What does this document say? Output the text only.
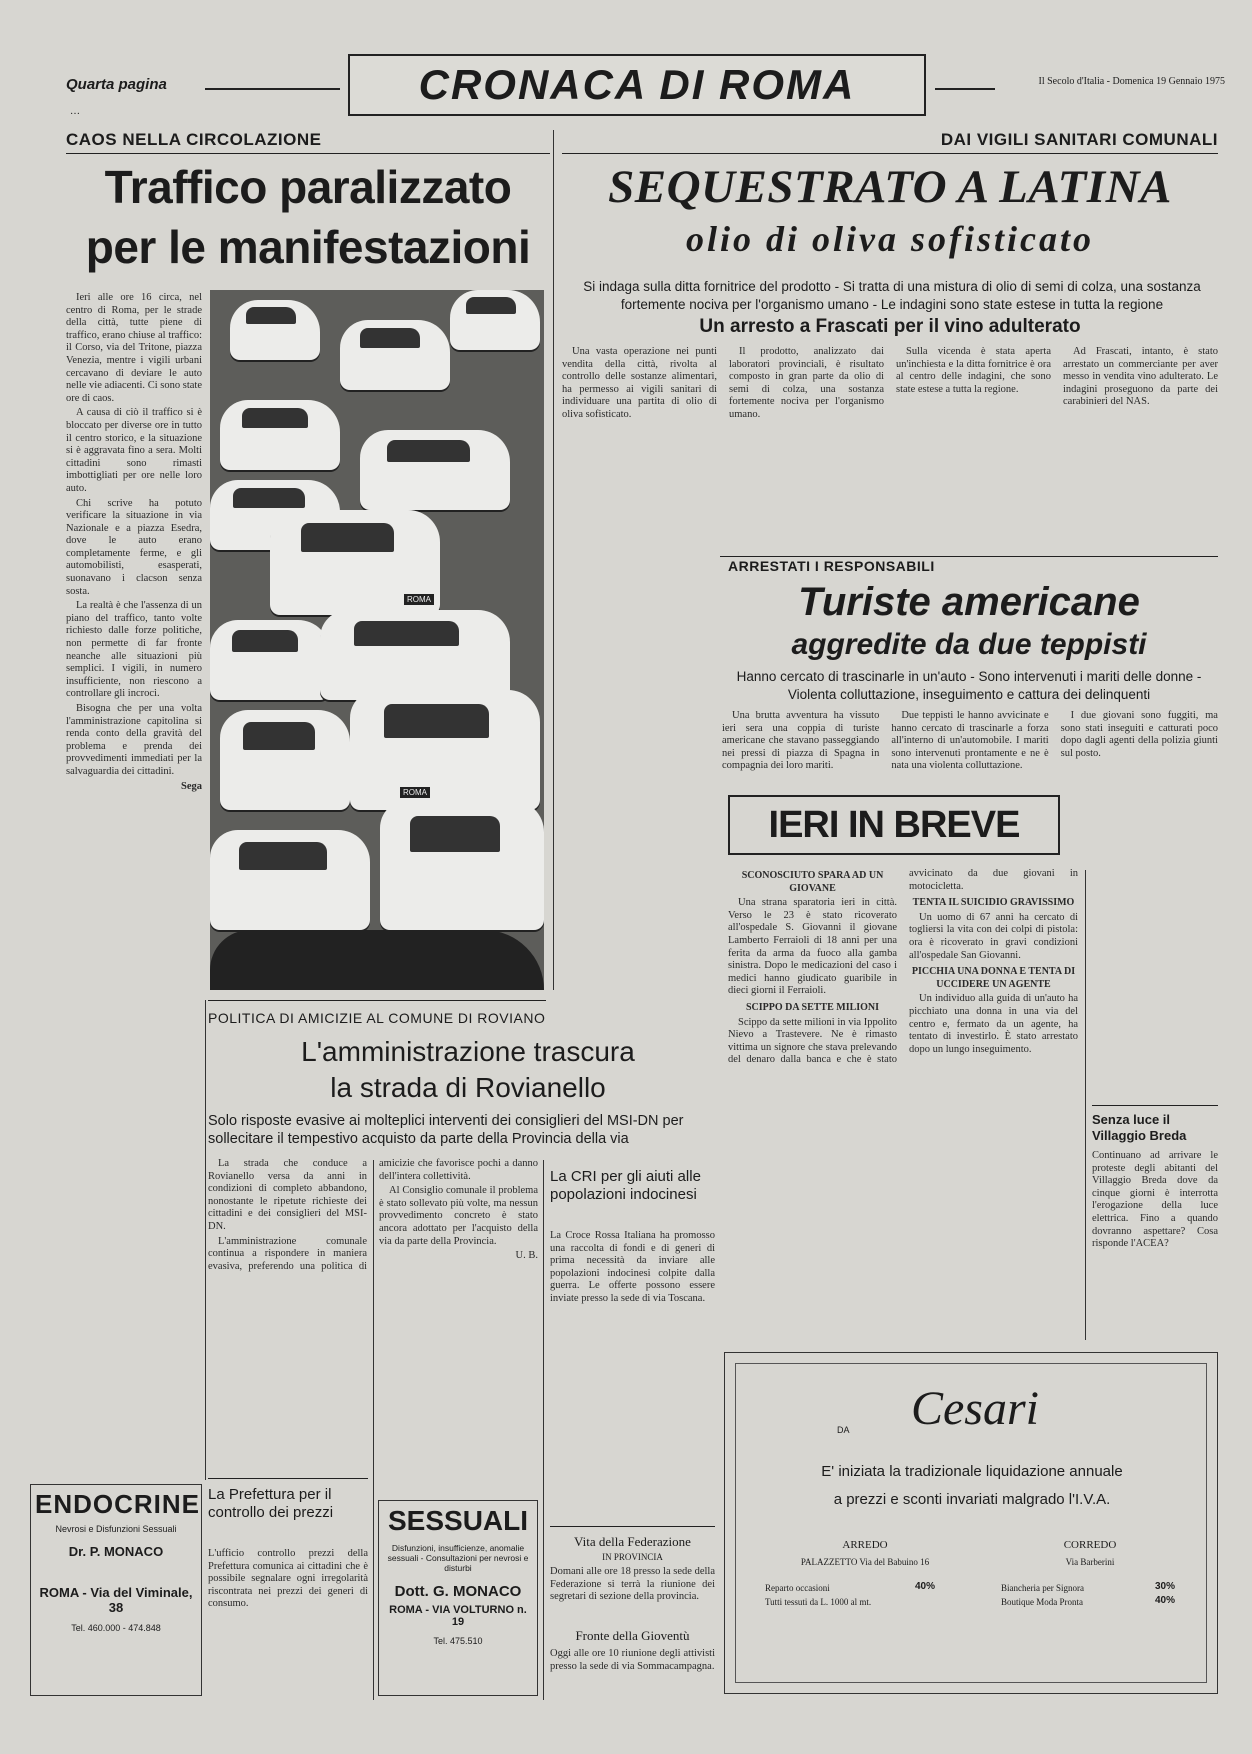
Quarta pagina	CRONACA DI ROMA	Il Secolo d'Italia - Domenica 19 Gennaio 1975
…
CAOS NELLA CIRCOLAZIONE
Traffico paralizzato
per le manifestazioni
ROMA
ROMA

Ieri alle ore 16 circa, nel centro di Roma, per le strade della città, tutte piene di traffico, erano chiuse al traffico: il Corso, via del Tritone, piazza Venezia, mentre i vigili urbani cercavano di deviare le auto nelle vie adiacenti. Ci sono state ore di caos.

A causa di ciò il traffico si è bloccato per diverse ore in tutto il centro storico, e la situazione si è aggravata fino a sera. Molti cittadini sono rimasti imbottigliati per ore nelle loro auto.

Chi scrive ha potuto verificare la situazione in via Nazionale e a piazza Esedra, dove le auto erano completamente ferme, e gli automobilisti, esasperati, suonavano i clacson senza sosta.

La realtà è che l'assenza di un piano del traffico, tanto volte richiesto dalle forze politiche, non permette di far fronte neanche alle situazioni più semplici. I vigili, in numero insufficiente, non riescono a controllare gli incroci.

Bisogna che per una volta l'amministrazione capitolina si renda conto della gravità del problema e prenda dei provvedimenti immediati per la salvaguardia dei cittadini.

Sega

ENDOCRINE
Nevrosi e Disfunzioni Sessuali
Dr. P. MONACO
ROMA - Via del Viminale, 38
Tel. 460.000 - 474.848
POLITICA DI AMICIZIE AL COMUNE DI ROVIANO
L'amministrazione trascura
la strada di Rovianello
Solo risposte evasive ai molteplici interventi dei consiglieri del MSI-DN per sollecitare il tempestivo acquisto da parte della Provincia della via

La strada che conduce a Rovianello versa da anni in condizioni di completo abbandono, nonostante le ripetute richieste dei cittadini e dei consiglieri del MSI-DN.

L'amministrazione comunale continua a rispondere in maniera evasiva, preferendo una politica di amicizie che favorisce pochi a danno dell'intera collettività.

Al Consiglio comunale il problema è stato sollevato più volte, ma nessun provvedimento concreto è stato ancora adottato per l'acquisto della via da parte della Provincia.

U. B.

La Prefettura per il controllo dei prezzi
L'ufficio controllo prezzi della Prefettura comunica ai cittadini che è possibile segnalare ogni irregolarità riscontrata nei prezzi dei generi di consumo.
SESSUALI
Disfunzioni, insufficienze, anomalie sessuali - Consultazioni per nevrosi e disturbi
Dott. G. MONACO
ROMA - VIA VOLTURNO n. 19
Tel. 475.510
La CRI per gli aiuti alle popolazioni indocinesi
La Croce Rossa Italiana ha promosso una raccolta di fondi e di generi di prima necessità da inviare alle popolazioni indocinesi colpite dalla guerra. Le offerte possono essere inviate presso la sede di via Toscana.
Vita della Federazione
IN PROVINCIA
Domani alle ore 18 presso la sede della Federazione si terrà la riunione dei segretari di sezione della provincia.
Fronte della Gioventù
Oggi alle ore 10 riunione degli attivisti presso la sede di via Sommacampagna.
DAI VIGILI SANITARI COMUNALI
SEQUESTRATO A LATINA
olio di oliva sofisticato
Si indaga sulla ditta fornitrice del prodotto - Si tratta di una mistura di olio di semi di colza, una sostanza fortemente nociva per l'organismo umano - Le indagini sono state estese in tutta la regione
Un arresto a Frascati per il vino adulterato

Una vasta operazione nei punti vendita della città, rivolta al controllo delle sostanze alimentari, ha permesso ai vigili sanitari di individuare una partita di olio di oliva sofisticato.

Il prodotto, analizzato dai laboratori provinciali, è risultato composto in gran parte da olio di semi di colza, una sostanza fortemente nociva per l'organismo umano.

Sulla vicenda è stata aperta un'inchiesta e la ditta fornitrice è ora al centro delle indagini, che sono state estese a tutta la regione.

Ad Frascati, intanto, è stato arrestato un commerciante per aver messo in vendita vino adulterato. Le indagini proseguono da parte dei carabinieri del NAS.

ARRESTATI I RESPONSABILI
Turiste americane
aggredite da due teppisti
Hanno cercato di trascinarle in un'auto - Sono intervenuti i mariti delle donne - Violenta colluttazione, inseguimento e cattura dei delinquenti

Una brutta avventura ha vissuto ieri sera una coppia di turiste americane che stavano passeggiando nei pressi di piazza di Spagna in compagnia dei loro mariti.

Due teppisti le hanno avvicinate e hanno cercato di trascinarle a forza all'interno di un'automobile. I mariti sono intervenuti prontamente e ne è nata una violenta colluttazione.

I due giovani sono fuggiti, ma sono stati inseguiti e catturati poco dopo dagli agenti della polizia giunti sul posto.

IERI IN BREVE
SCONOSCIUTO SPARA AD UN GIOVANE

Una strana sparatoria ieri in città. Verso le 23 è stato ricoverato all'ospedale S. Giovanni il giovane Lamberto Ferraioli di 18 anni per una ferita da arma da fuoco alla gamba sinistra. Dopo le medicazioni del caso i medici hanno giudicato guaribile in dieci giorni il Ferraioli.

SCIPPO DA SETTE MILIONI

Scippo da sette milioni in via Ippolito Nievo a Trastevere. Ne è rimasto vittima un signore che stava prelevando del denaro dalla banca e che è stato avvicinato da due giovani in motocicletta.

TENTA IL SUICIDIO GRAVISSIMO

Un uomo di 67 anni ha cercato di togliersi la vita con dei colpi di pistola: ora è ricoverato in gravi condizioni all'ospedale San Giovanni.

PICCHIA UNA DONNA E TENTA DI UCCIDERE UN AGENTE

Un individuo alla guida di un'auto ha picchiato una donna in una via del centro e, fermato da un agente, ha tentato di investirlo. È stato arrestato dopo un lungo inseguimento.

Senza luce il Villaggio Breda
Continuano ad arrivare le proteste degli abitanti del Villaggio Breda dove da cinque giorni è interrotta l'erogazione della luce elettrica. Fino a quando dovranno aspettare? Cosa risponde l'ACEA?
DA	Cesari
E' iniziata la tradizionale liquidazione annuale
a prezzi e sconti invariati malgrado l'I.V.A.
ARREDO
PALAZZETTO Via del Babuino 16
Reparto occasioni	40%
Tutti tessuti da L. 1000 al mt.
CORREDO
Via Barberini
Biancheria per Signora	30%
Boutique Moda Pronta	40%
